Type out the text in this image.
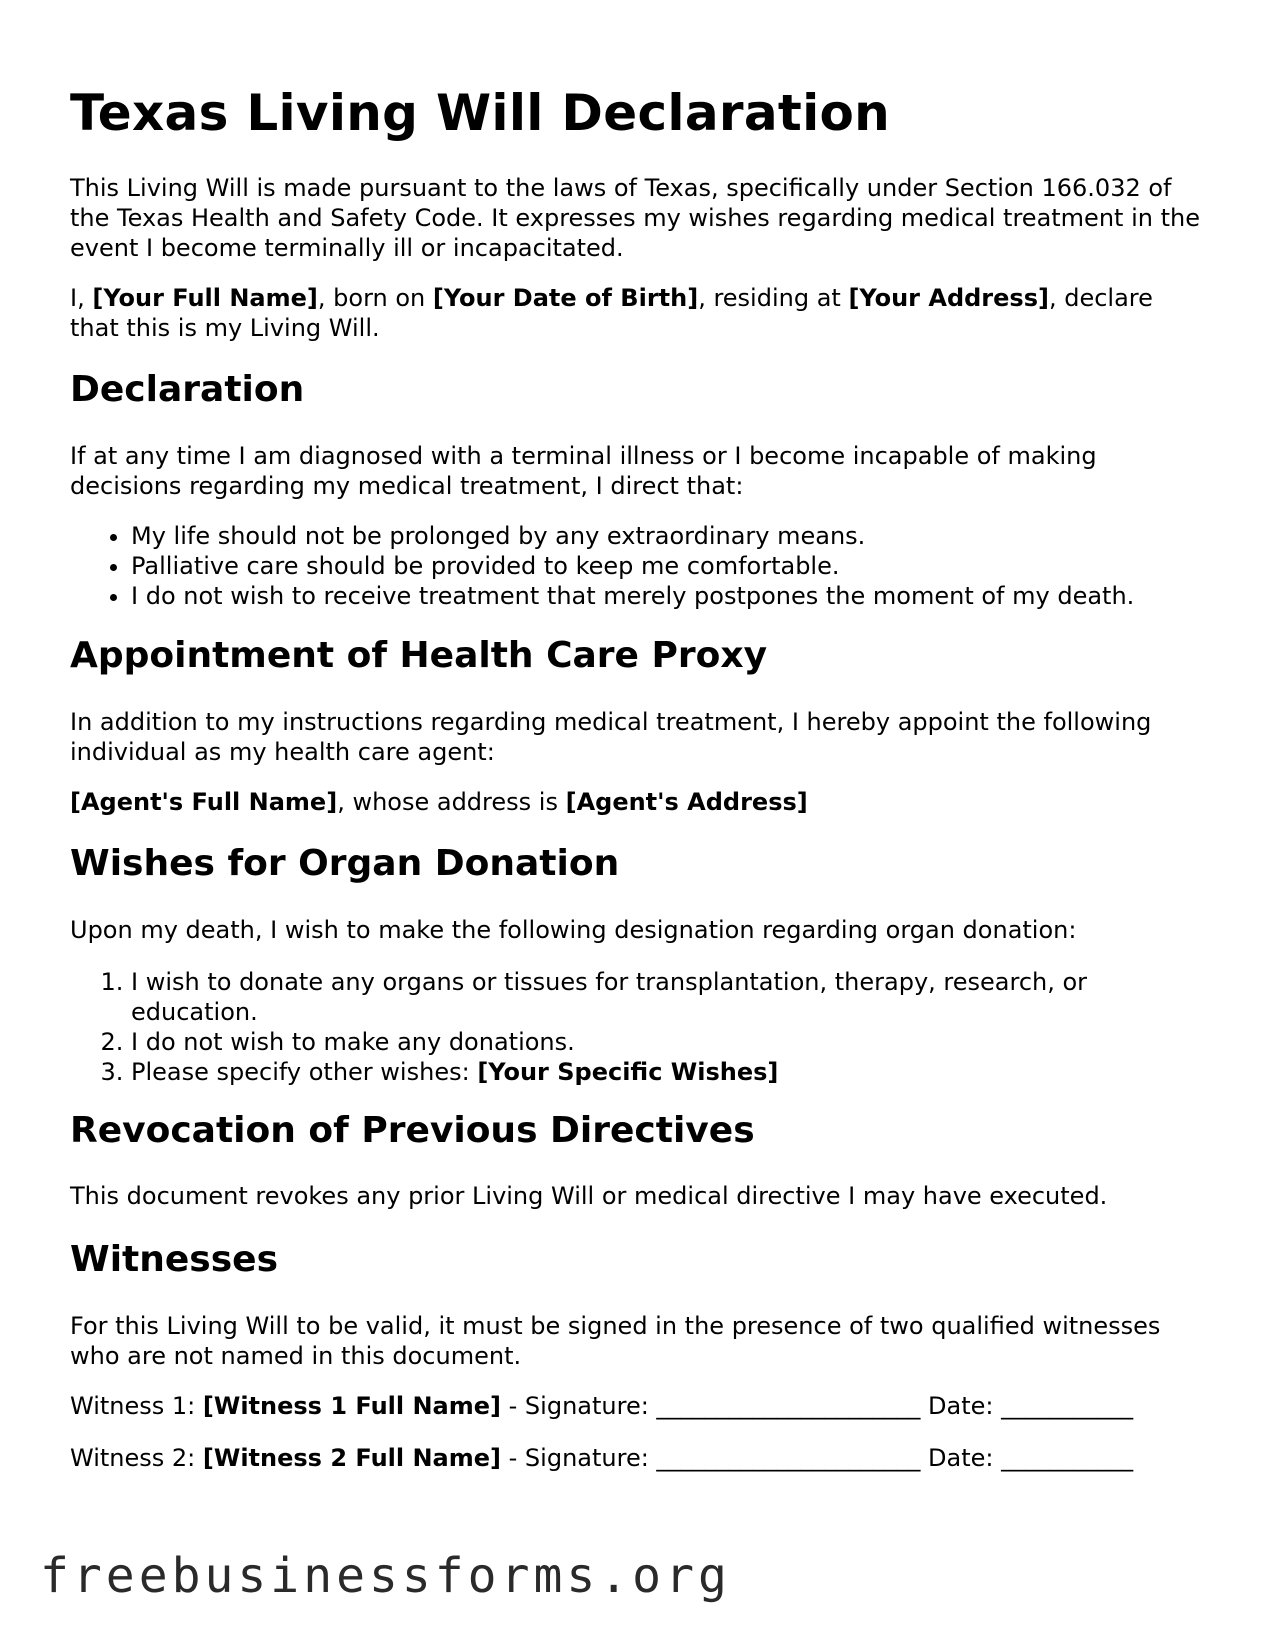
Texas Living Will Declaration

This Living Will is made pursuant to the laws of Texas, specifically under Section 166.032 of the Texas Health and Safety Code. It expresses my wishes regarding medical treatment in the event I become terminally ill or incapacitated.

I, [Your Full Name], born on [Your Date of Birth], residing at [Your Address], declare that this is my Living Will.

Declaration

If at any time I am diagnosed with a terminal illness or I become incapable of making decisions regarding my medical treatment, I direct that:

• My life should not be prolonged by any extraordinary means.
• Palliative care should be provided to keep me comfortable.
• I do not wish to receive treatment that merely postpones the moment of my death.
Appointment of Health Care Proxy

In addition to my instructions regarding medical treatment, I hereby appoint the following individual as my health care agent:

[Agent's Full Name], whose address is [Agent's Address]

Wishes for Organ Donation

Upon my death, I wish to make the following designation regarding organ donation:

1. I wish to donate any organs or tissues for transplantation, therapy, research, or education.
2. I do not wish to make any donations.
3. Please specify other wishes: [Your Specific Wishes]
Revocation of Previous Directives

This document revokes any prior Living Will or medical directive I may have executed.

Witnesses

For this Living Will to be valid, it must be signed in the presence of two qualified witnesses who are not named in this document.

Witness 1: [Witness 1 Full Name] - Signature: ______________________ Date: ___________

Witness 2: [Witness 2 Full Name] - Signature: ______________________ Date: ___________

freebusinessforms.org
